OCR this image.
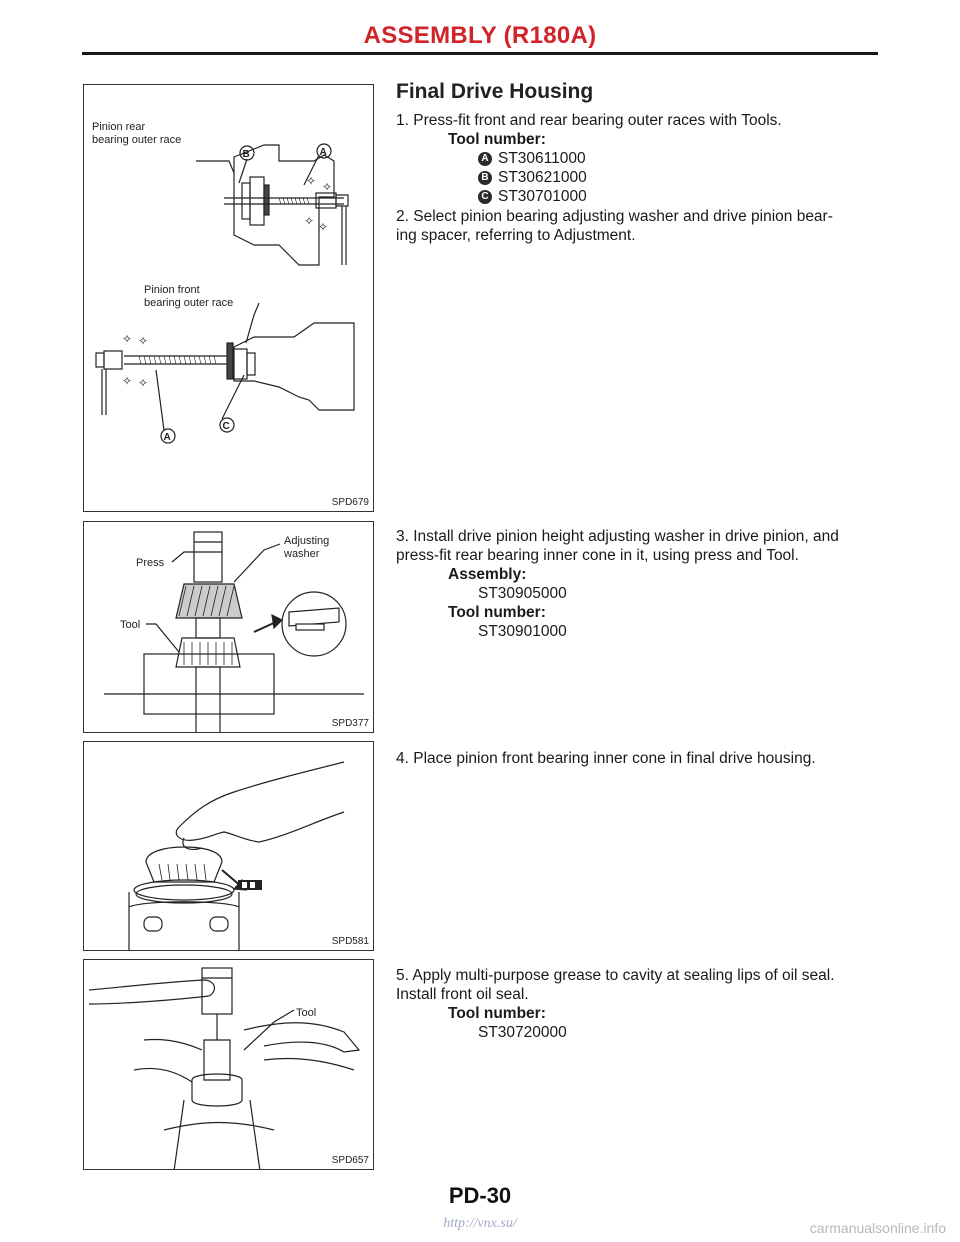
ASSEMBLY (R180A)
✧ ✧
✧ ✧
✧ ✧
✧ ✧
Pinion rear
bearing outer race
Pinion front
bearing outer race
B	A
A
C
SPD679
Press
Tool
Adjusting
washer
SPD377
SPD581
Tool
SPD657
Final Drive Housing
1. Press-fit front and rear bearing outer races with Tools.
Tool number:
A ST30611000
B ST30621000
C ST30701000
2. Select pinion bearing adjusting washer and drive pinion bear-
ing spacer, referring to Adjustment.
3. Install drive pinion height adjusting washer in drive pinion, and
press-fit rear bearing inner cone in it, using press and Tool.
Assembly:
ST30905000
Tool number:
ST30901000
4. Place pinion front bearing inner cone in final drive housing.
5. Apply multi-purpose grease to cavity at sealing lips of oil seal.
Install front oil seal.
Tool number:
ST30720000
PD-30
http://vnx.su/	carmanualsonline.info
